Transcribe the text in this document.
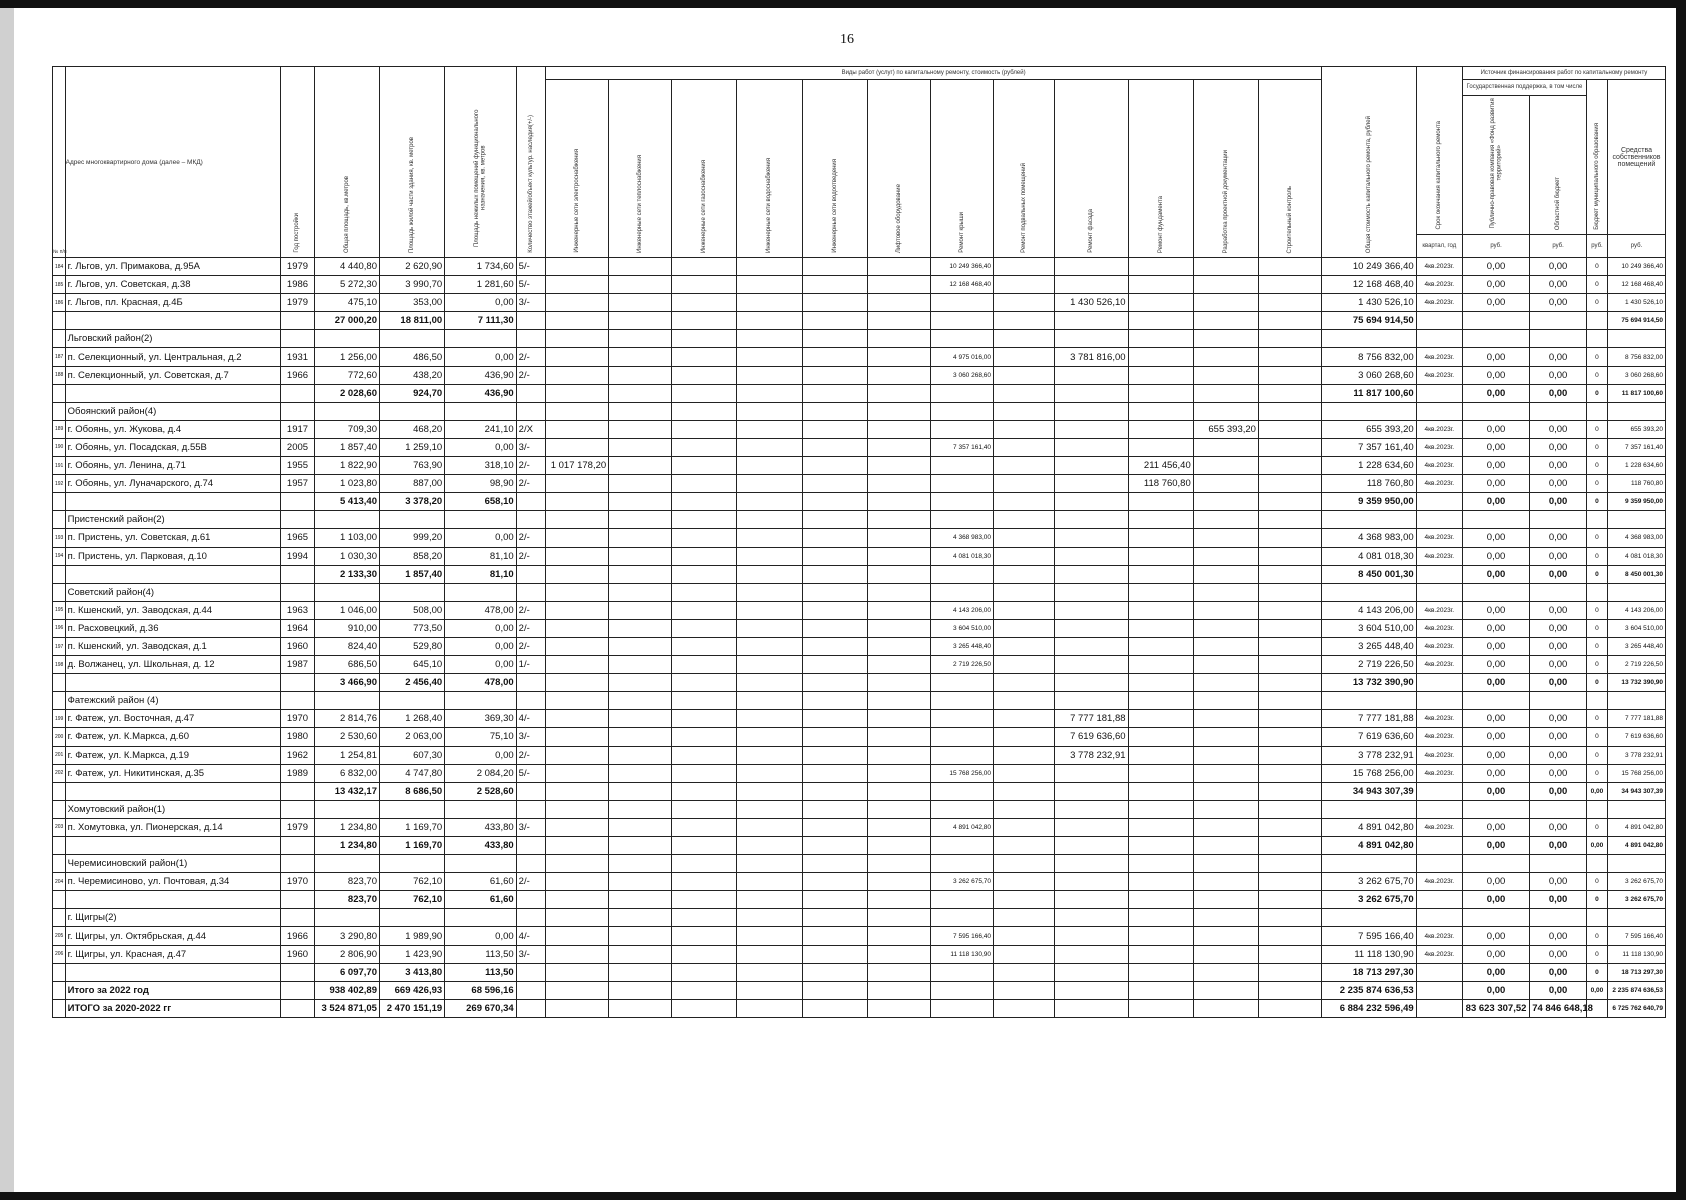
16
№ п/п	Адрес многоквартирного дома (далее – МКД)	Год постройки	Общая площадь, кв.метров	Площадь жилой части здания, кв. метров	Площадь нежилых помещений функционального назначения, кв. метров	Количество этажей/объект культур. наследия(+/-)	Виды работ (услуг) по капитальному ремонту, стоимость (рублей)												Общая стоимость капитального ремонта, рублей	Срок окончания капитального ремонта	Источник финансирования работ по капитальному ремонту			
							Инженерные сети электроснабжения	Инженерные сети теплоснабжения	Инженерные сети газоснабжения	Инженерные сети водоснабжения	Инженерные сети водоотведения	Лифтовое оборудование	Ремонт крыши	Ремонт подвальных помещений	Ремонт фасада	Ремонт фундамента	Разработка проектной документации	Строительный контроль			Государственная поддержка, в том числе		Бюджет муниципального образования	Средства собственников помещений
																					Публично-правовая компания «Фонд развития территорий»	Областной бюджет		
																				квартал, год	руб.	руб.	руб.	руб.
184	г. Льгов, ул. Примакова, д.95А	1979	4 440,80	2 620,90	1 734,60	5/-							10 249 366,40						10 249 366,40	4кв.2023г.	0,00	0,00	0	10 249 366,40
185	г. Льгов, ул. Советская, д.38	1986	5 272,30	3 990,70	1 281,60	5/-							12 168 468,40						12 168 468,40	4кв.2023г.	0,00	0,00	0	12 168 468,40
186	г. Льгов, пл. Красная, д.4Б	1979	475,10	353,00	0,00	3/-									1 430 526,10				1 430 526,10	4кв.2023г.	0,00	0,00	0	1 430 526,10
			27 000,20	18 811,00	7 111,30														75 694 914,50					75 694 914,50
	Льговский район(2)																							
187	п. Селекционный, ул. Центральная, д.2	1931	1 256,00	486,50	0,00	2/-							4 975 016,00		3 781 816,00				8 756 832,00	4кв.2023г.	0,00	0,00	0	8 756 832,00
188	п. Селекционный, ул. Советская, д.7	1966	772,60	438,20	436,90	2/-							3 060 268,60						3 060 268,60	4кв.2023г.	0,00	0,00	0	3 060 268,60
			2 028,60	924,70	436,90														11 817 100,60		0,00	0,00	0	11 817 100,60
	Обоянский район(4)																							
189	г. Обоянь, ул. Жукова, д.4	1917	709,30	468,20	241,10	2/Х											655 393,20		655 393,20	4кв.2023г.	0,00	0,00	0	655 393,20
190	г. Обоянь, ул. Посадская, д.55В	2005	1 857,40	1 259,10	0,00	3/-							7 357 161,40						7 357 161,40	4кв.2023г.	0,00	0,00	0	7 357 161,40
191	г. Обоянь, ул. Ленина, д.71	1955	1 822,90	763,90	318,10	2/-	1 017 178,20									211 456,40			1 228 634,60	4кв.2023г.	0,00	0,00	0	1 228 634,60
192	г. Обоянь, ул. Луначарского, д.74	1957	1 023,80	887,00	98,90	2/-										118 760,80			118 760,80	4кв.2023г.	0,00	0,00	0	118 760,80
			5 413,40	3 378,20	658,10														9 359 950,00		0,00	0,00	0	9 359 950,00
	Пристенский район(2)																							
193	п. Пристень, ул. Советская, д.61	1965	1 103,00	999,20	0,00	2/-							4 368 983,00						4 368 983,00	4кв.2023г.	0,00	0,00	0	4 368 983,00
194	п. Пристень, ул. Парковая, д.10	1994	1 030,30	858,20	81,10	2/-							4 081 018,30						4 081 018,30	4кв.2023г.	0,00	0,00	0	4 081 018,30
			2 133,30	1 857,40	81,10														8 450 001,30		0,00	0,00	0	8 450 001,30
	Советский район(4)																							
195	п. Кшенский, ул. Заводская, д.44	1963	1 046,00	508,00	478,00	2/-							4 143 206,00						4 143 206,00	4кв.2023г.	0,00	0,00	0	4 143 206,00
196	п. Расховецкий, д.36	1964	910,00	773,50	0,00	2/-							3 604 510,00						3 604 510,00	4кв.2023г.	0,00	0,00	0	3 604 510,00
197	п. Кшенский, ул. Заводская, д.1	1960	824,40	529,80	0,00	2/-							3 265 448,40						3 265 448,40	4кв.2023г.	0,00	0,00	0	3 265 448,40
198	д. Волжанец, ул. Школьная, д. 12	1987	686,50	645,10	0,00	1/-							2 719 226,50						2 719 226,50	4кв.2023г.	0,00	0,00	0	2 719 226,50
			3 466,90	2 456,40	478,00														13 732 390,90		0,00	0,00	0	13 732 390,90
	Фатежский район (4)																							
199	г. Фатеж, ул. Восточная, д.47	1970	2 814,76	1 268,40	369,30	4/-									7 777 181,88				7 777 181,88	4кв.2023г.	0,00	0,00	0	7 777 181,88
200	г. Фатеж, ул. К.Маркса, д.60	1980	2 530,60	2 063,00	75,10	3/-									7 619 636,60				7 619 636,60	4кв.2023г.	0,00	0,00	0	7 619 636,60
201	г. Фатеж, ул. К.Маркса, д.19	1962	1 254,81	607,30	0,00	2/-									3 778 232,91				3 778 232,91	4кв.2023г.	0,00	0,00	0	3 778 232,91
202	г. Фатеж, ул. Никитинская, д.35	1989	6 832,00	4 747,80	2 084,20	5/-							15 768 256,00						15 768 256,00	4кв.2023г.	0,00	0,00	0	15 768 256,00
			13 432,17	8 686,50	2 528,60														34 943 307,39		0,00	0,00	0,00	34 943 307,39
	Хомутовский район(1)																							
203	п. Хомутовка, ул. Пионерская, д.14	1979	1 234,80	1 169,70	433,80	3/-							4 891 042,80						4 891 042,80	4кв.2023г.	0,00	0,00	0	4 891 042,80
			1 234,80	1 169,70	433,80														4 891 042,80		0,00	0,00	0,00	4 891 042,80
	Черемисиновский район(1)																							
204	п. Черемисиново, ул. Почтовая, д.34	1970	823,70	762,10	61,60	2/-							3 262 675,70						3 262 675,70	4кв.2023г.	0,00	0,00	0	3 262 675,70
			823,70	762,10	61,60														3 262 675,70		0,00	0,00	0	3 262 675,70
	г. Щигры(2)																							
205	г. Щигры, ул. Октябрьская, д.44	1966	3 290,80	1 989,90	0,00	4/-							7 595 166,40						7 595 166,40	4кв.2023г.	0,00	0,00	0	7 595 166,40
206	г. Щигры, ул. Красная, д.47	1960	2 806,90	1 423,90	113,50	3/-							11 118 130,90						11 118 130,90	4кв.2023г.	0,00	0,00	0	11 118 130,90
			6 097,70	3 413,80	113,50														18 713 297,30		0,00	0,00	0	18 713 297,30
	Итого за 2022 год		938 402,89	669 426,93	68 596,16														2 235 874 636,53		0,00	0,00	0,00	2 235 874 636,53
	ИТОГО за 2020-2022 гг		3 524 871,05	2 470 151,19	269 670,34														6 884 232 596,49		83 623 307,52	74 846 648,18		6 725 762 640,79
